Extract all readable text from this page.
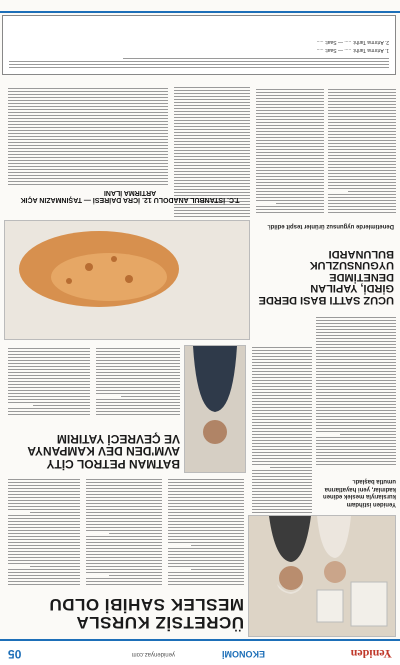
Yeniden
EKONOMİ
yenidenyaz.com
05
ÜCRETSİZ KURSLA MESLEK SAHİBİ OLDU

Yeniden istihdam kurslarıyla meslek edinen kadınlar, yeni hayatlarına umutla başladı.

BATMAN PETROL CİTY AVM'DEN DEV KAMPANYA VE ÇEVRECİ YATIRIM
UCUZ SATTI BASI DERDE GİRDİ, YAPILAN DENETİMDE UYGUNSUZLUK BULUNARDI

Denetimlerde uygunsuz ürünler tespit edildi.

T.C. İSTANBUL ANADOLU 12. İCRA DAİRESİ — TAŞINMAZIN AÇIK ARTIRMA İLANI
1. Artırma Tarihi: ..... — Saat: .....
2. Artırma Tarihi: ..... — Saat: .....
